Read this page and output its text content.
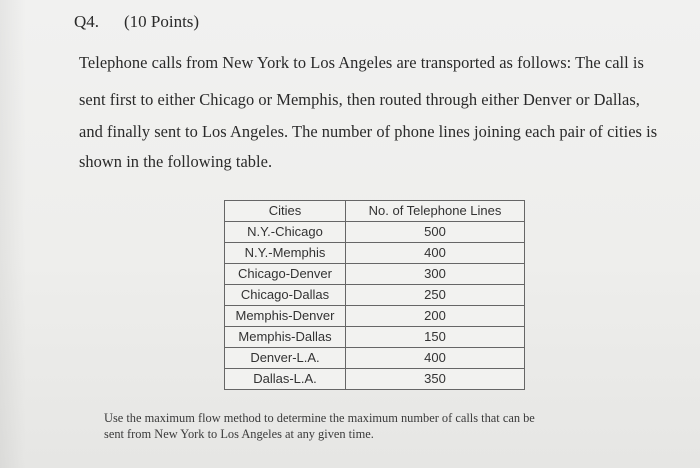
Q4. (10 Points)
Telephone calls from New York to Los Angeles are transported as follows: The call is
sent first to either Chicago or Memphis, then routed through either Denver or Dallas,
and finally sent to Los Angeles. The number of phone lines joining each pair of cities is
shown in the following table.
Cities	No. of Telephone Lines
N.Y.-Chicago	500
N.Y.-Memphis	400
Chicago-Denver	300
Chicago-Dallas	250
Memphis-Denver	200
Memphis-Dallas	150
Denver-L.A.	400
Dallas-L.A.	350
Use the maximum flow method to determine the maximum number of calls that can be
sent from New York to Los Angeles at any given time.
